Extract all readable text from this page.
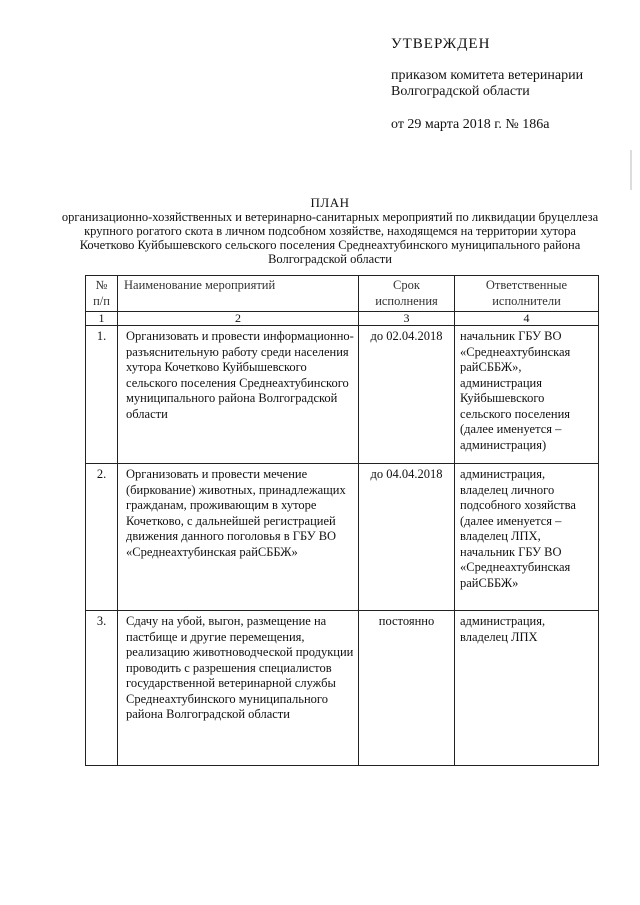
УТВЕРЖДЕН
приказом комитета ветеринарии Волгоградской области
от 29 марта 2018 г. № 186а
ПЛАН
организационно-хозяйственных и ветеринарно-санитарных мероприятий по ликвидации бруцеллеза крупного рогатого скота в личном подсобном хозяйстве, находящемся на территории хутора Кочетково Куйбышевского сельского поселения Среднеахтубинского муниципального района Волгоградской области
№ п/п	Наименование мероприятий	Срок исполнения	Ответственные исполнители
1	2	3	4
1.	Организовать и провести информационно-разъяснительную работу среди населения хутора Кочетково Куйбышевского сельского поселения Среднеахтубинского муниципального района Волгоградской области	до 02.04.2018	начальник ГБУ ВО «Среднеахтубинская райСББЖ», администрация Куйбышевского сельского поселения (далее именуется – администрация)
2.	Организовать и провести мечение (биркование) животных, принадлежащих гражданам, проживающим в хуторе Кочетково, с дальнейшей регистрацией движения данного поголовья в ГБУ ВО «Среднеахтубинская райСББЖ»	до 04.04.2018	администрация, владелец личного подсобного хозяйства (далее именуется – владелец ЛПХ, начальник ГБУ ВО «Среднеахтубинская райСББЖ»
3.	Сдачу на убой, выгон, размещение на пастбище и другие перемещения, реализацию животноводческой продукции проводить с разрешения специалистов государственной ветеринарной службы Среднеахтубинского муниципального района Волгоградской области	постоянно	администрация, владелец ЛПХ
